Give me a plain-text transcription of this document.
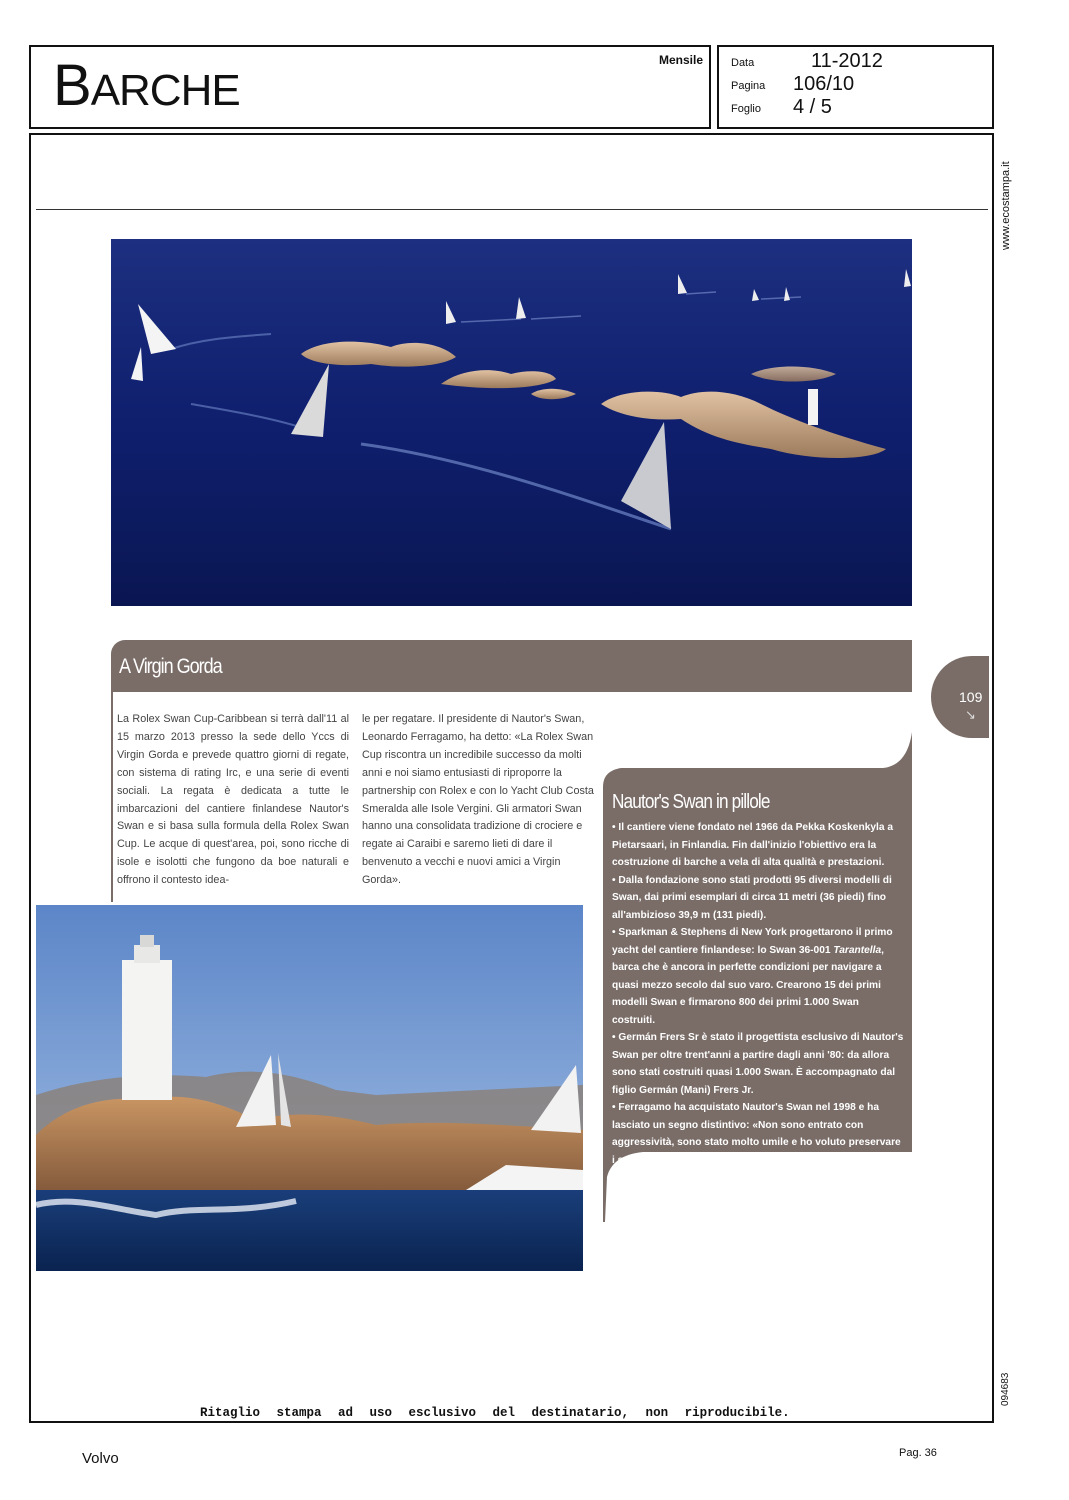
BARCHE
Mensile	Data	11-2012
Pagina 106/10
Foglio 4 / 5
www.ecostampa.it
094683
A Virgin Gorda
La Rolex Swan Cup-Caribbean si terrà dall'11 al 15 marzo 2013 presso la sede dello Yccs di Virgin Gorda e prevede quattro giorni di regate, con sistema di rating Irc, e una serie di eventi sociali. La regata è dedicata a tutte le imbarcazioni del cantiere finlandese Nautor's Swan e si basa sulla formula della Rolex Swan Cup. Le acque di quest'area, poi, sono ricche di isole e isolotti che fungono da boe naturali e offrono il contesto idea-
le per regatare. Il presidente di Nautor's Swan, Leonardo Ferragamo, ha detto: «La Rolex Swan Cup riscontra un incredibile successo da molti anni e noi siamo entusiasti di riproporre la partnership con Rolex e con lo Yacht Club Costa Smeralda alle Isole Vergini. Gli armatori Swan hanno una consolidata tradizione di crociere e regate ai Caraibi e saremo lieti di dare il benvenuto a vecchi e nuovi amici a Virgin Gorda».
109
↘
Nautor's Swan in pillole

• Il cantiere viene fondato nel 1966 da Pekka Koskenkyla a Pietarsaari, in Finlandia. Fin dall'inizio l'obiettivo era la costruzione di barche a vela di alta qualità e prestazioni.

• Dalla fondazione sono stati prodotti 95 diversi modelli di Swan, dai primi esemplari di circa 11 metri (36 piedi) fino all'ambizioso 39,9 m (131 piedi).

• Sparkman & Stephens di New York progettarono il primo yacht del cantiere finlandese: lo Swan 36-001 Tarantella, barca che è ancora in perfette condizioni per navigare a quasi mezzo secolo dal suo varo. Crearono 15 dei primi modelli Swan e firmarono 800 dei primi 1.000 Swan costruiti.

• Germán Frers Sr è stato il progettista esclusivo di Nautor's Swan per oltre trent'anni a partire dagli anni '80: da allora sono stati costruiti quasi 1.000 Swan. È accompagnato dal figlio Germán (Mani) Frers Jr.

• Ferragamo ha acquistato Nautor's Swan nel 1998 e ha lasciato un segno distintivo: «Non sono entrato con aggressività, sono stato molto umile e ho voluto preservare i suoi valori, al contempo spingendo avanti in modo graduale».

Ritaglio stampa ad uso esclusivo del destinatario, non riproducibile.
Volvo	Pag. 36
